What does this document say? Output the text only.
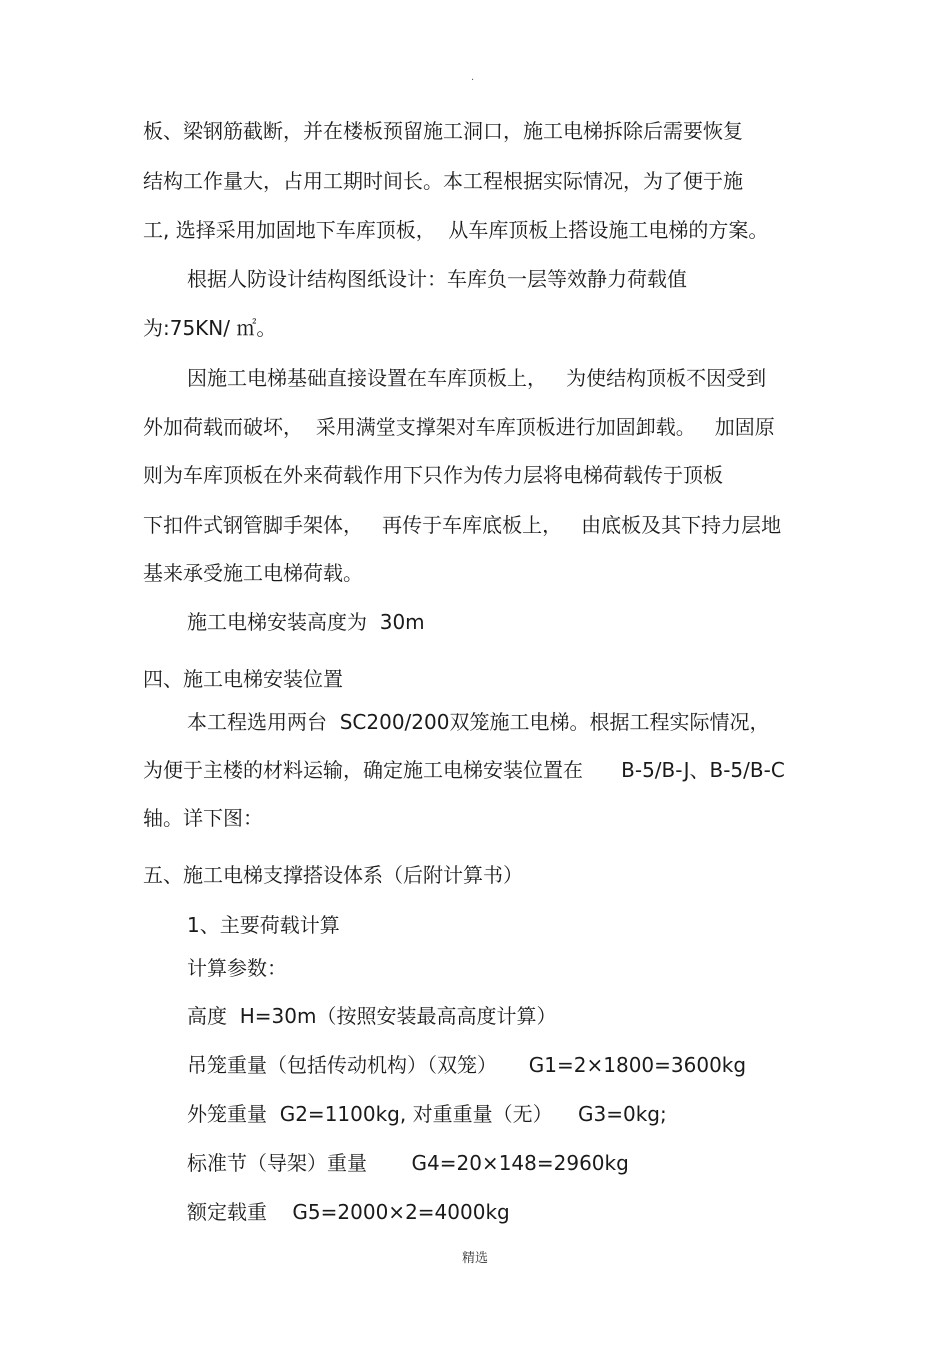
.
板、梁钢筋截断，并在楼板预留施工洞口，施工电梯拆除后需要恢复
结构工作量大，占用工期时间长。本工程根据实际情况，为了便于施
工, 选择采用加固地下车库顶板，  从车库顶板上搭设施工电梯的方案。
根据人防设计结构图纸设计：车库负一层等效静力荷载值
为:75KN/ ㎡。
因施工电梯基础直接设置在车库顶板上，   为使结构顶板不因受到
外加荷载而破坏，  采用满堂支撑架对车库顶板进行加固卸载。   加固原
则为车库顶板在外来荷载作用下只作为传力层将电梯荷载传于顶板
下扣件式钢管脚手架体，   再传于车库底板上，   由底板及其下持力层地
基来承受施工电梯荷载。
施工电梯安装高度为  30m
四、施工电梯安装位置
本工程选用两台  SC200/200双笼施工电梯。根据工程实际情况，
为便于主楼的材料运输，确定施工电梯安装位置在      B-5/B-J、B-5/B-C
轴。详下图：
五、施工电梯支撑搭设体系（后附计算书）
1、主要荷载计算
计算参数：
高度  H=30m（按照安装最高高度计算）
吊笼重量（包括传动机构）（双笼）     G1=2×1800=3600kg
外笼重量  G2=1100kg, 对重重量（无）    G3=0kg;
标准节（导架）重量       G4=20×148=2960kg
额定载重    G5=2000×2=4000kg
精选
